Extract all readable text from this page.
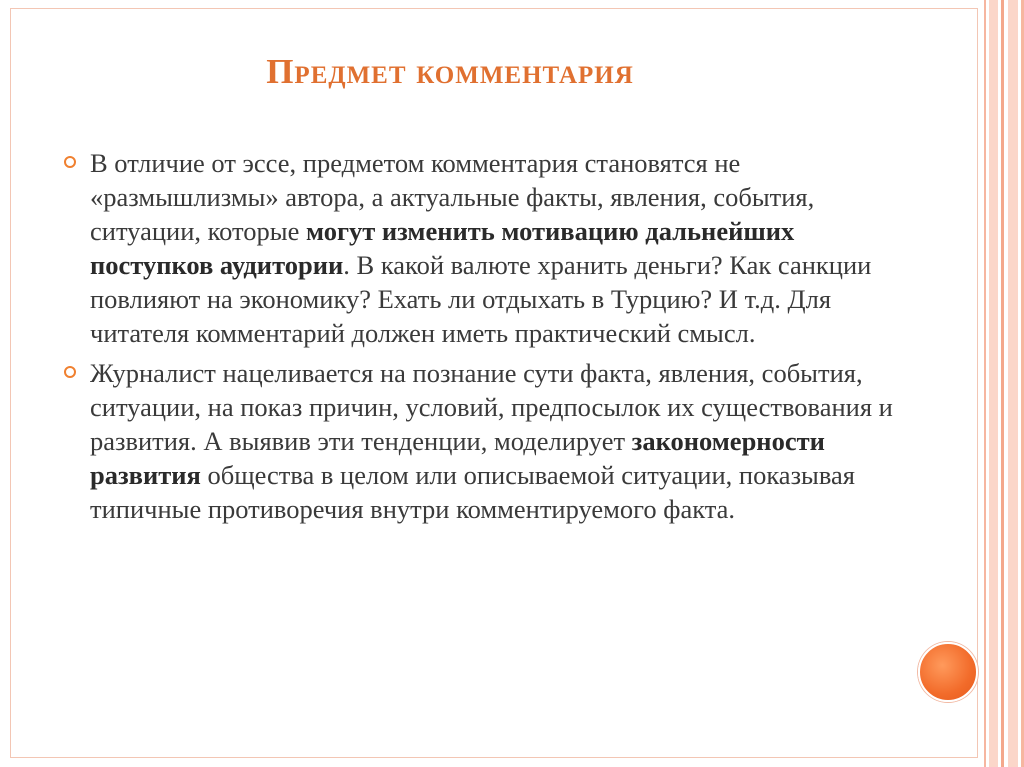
Предмет комментария
В отличие от эссе, предметом комментария становятся не «размышлизмы» автора, а актуальные факты, явления, события, ситуации, которые могут изменить мотивацию дальнейших поступков аудитории. В какой валюте хранить деньги? Как санкции повлияют на экономику? Ехать ли отдыхать в Турцию? И т.д. Для читателя комментарий должен иметь практический смысл.
Журналист нацеливается на познание сути факта, явления, события, ситуации, на показ причин, условий, предпосылок их существования и развития. А выявив эти тенденции, моделирует закономерности развития общества в целом или описываемой ситуации, показывая типичные противоречия внутри комментируемого факта.
